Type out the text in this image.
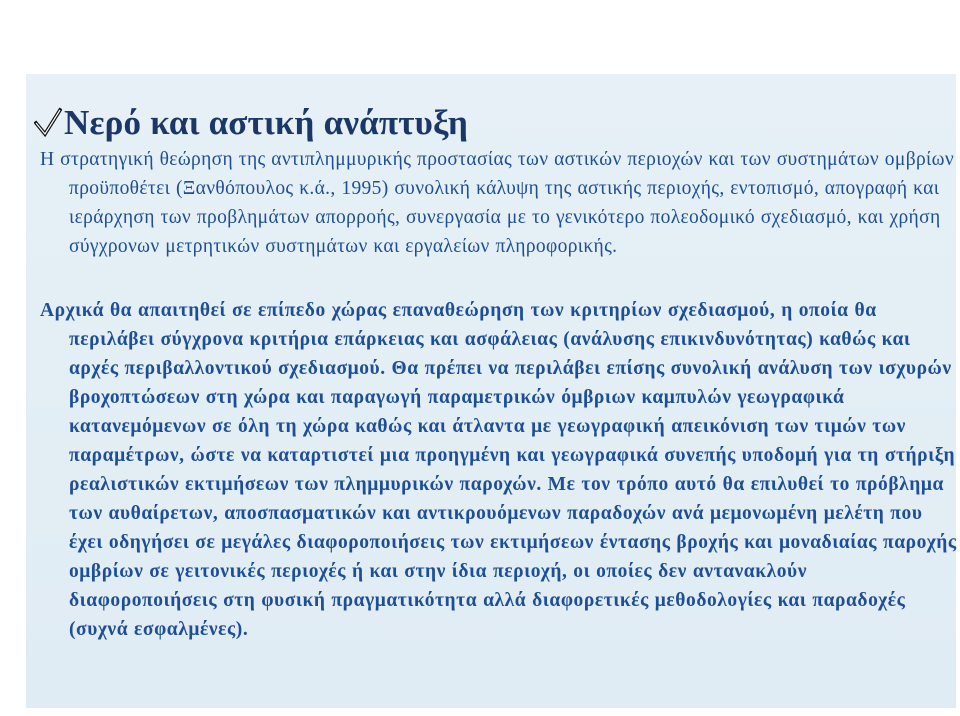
Νερό και αστική ανάπτυξη

Η στρατηγική θεώρηση της αντιπλημμυρικής προστασίας των αστικών περιοχών και των συστημάτων ομβρίων προϋποθέτει (Ξανθόπουλος κ.ά., 1995) συνολική κάλυψη της αστικής περιοχής, εντοπισμό, απογραφή και ιεράρχηση των προβλημάτων απορροής, συνεργασία με το γενικότερο πολεοδομικό σχεδιασμό, και χρήση σύγχρονων μετρητικών συστημάτων και εργαλείων πληροφορικής.

Αρχικά θα απαιτηθεί σε επίπεδο χώρας επαναθεώρηση των κριτηρίων σχεδιασμού, η οποία θα περιλάβει σύγχρονα κριτήρια επάρκειας και ασφάλειας (ανάλυσης επικινδυνότητας) καθώς και αρχές περιβαλλοντικού σχεδιασμού. Θα πρέπει να περιλάβει επίσης συνολική ανάλυση των ισχυρών βροχοπτώσεων στη χώρα και παραγωγή παραμετρικών όμβριων καμπυλών γεωγραφικά κατανεμόμενων σε όλη τη χώρα καθώς και άτλαντα με γεωγραφική απεικόνιση των τιμών των παραμέτρων, ώστε να καταρτιστεί μια προηγμένη και γεωγραφικά συνεπής υποδομή για τη στήριξη ρεαλιστικών εκτιμήσεων των πλημμυρικών παροχών. Με τον τρόπο αυτό θα επιλυθεί το πρόβλημα των αυθαίρετων, αποσπασματικών και αντικρουόμενων παραδοχών ανά μεμονωμένη μελέτη που έχει οδηγήσει σε μεγάλες διαφοροποιήσεις των εκτιμήσεων έντασης βροχής και μοναδιαίας παροχής ομβρίων σε γειτονικές περιοχές ή και στην ίδια περιοχή, οι οποίες δεν αντανακλούν διαφοροποιήσεις στη φυσική πραγματικότητα αλλά διαφορετικές μεθοδολογίες και παραδοχές (συχνά εσφαλμένες).
